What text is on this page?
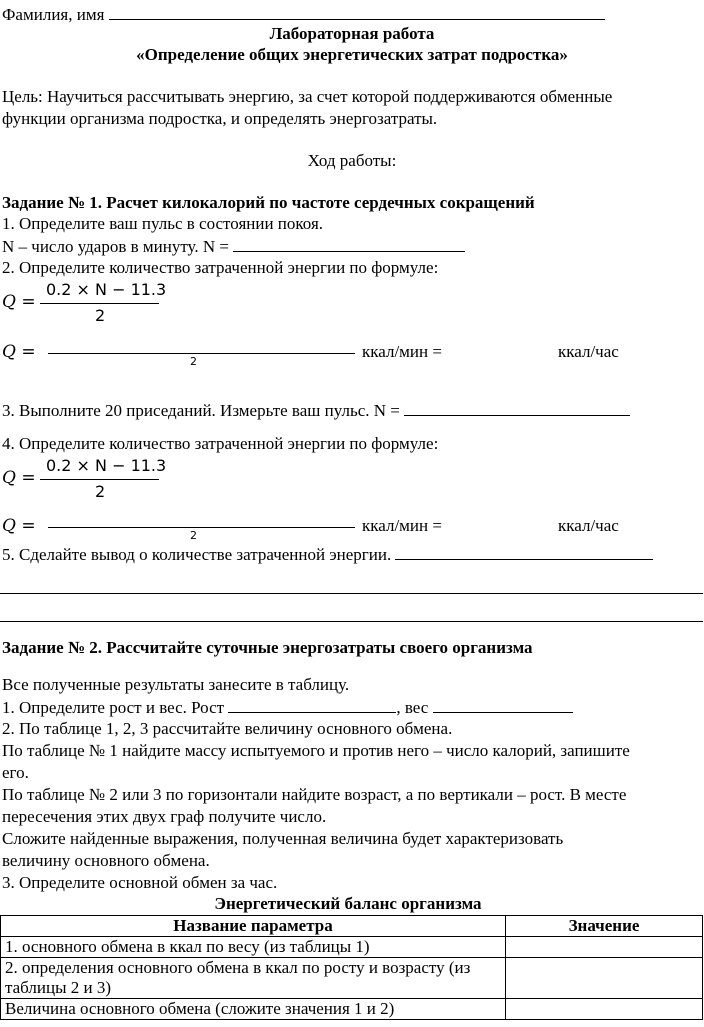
Фамилия, имя
Лабораторная работа
«Определение общих энергетических затрат подростка»
Цель: Научиться рассчитывать энергию, за счет которой поддерживаются обменные
функции организма подростка, и определять энергозатраты.
Ход работы:
Задание № 1. Расчет килокалорий по частоте сердечных сокращений
1. Определите ваш пульс в состоянии покоя.
N – число ударов в минуту. N =
2. Определите количество затраченной энергии по формуле:
Q =
0.2 × N − 11.3
2
Q =	2
ккал/мин =	ккал/час
3. Выполните 20 приседаний. Измерьте ваш пульс. N =
4. Определите количество затраченной энергии по формуле:
Q =
0.2 × N − 11.3
2
Q =	2
ккал/мин =	ккал/час
5. Сделайте вывод о количестве затраченной энергии.
Задание № 2. Рассчитайте суточные энергозатраты своего организма
Все полученные результаты занесите в таблицу.
1. Определите рост и вес. Рост	, вес
2. По таблице 1, 2, 3 рассчитайте величину основного обмена.
По таблице № 1 найдите массу испытуемого и против него – число калорий, запишите
его.
По таблице № 2 или 3 по горизонтали найдите возраст, а по вертикали – рост. В месте
пересечения этих двух граф получите число.
Сложите найденные выражения, полученная величина будет характеризовать
величину основного обмена.
3. Определите основной обмен за час.
Энергетический баланс организма
Название параметра	Значение
1. основного обмена в ккал по весу (из таблицы 1)	
2. определения основного обмена в ккал по росту и возрасту (из таблицы 2 и 3)	
Величина основного обмена (сложите значения 1 и 2)	
